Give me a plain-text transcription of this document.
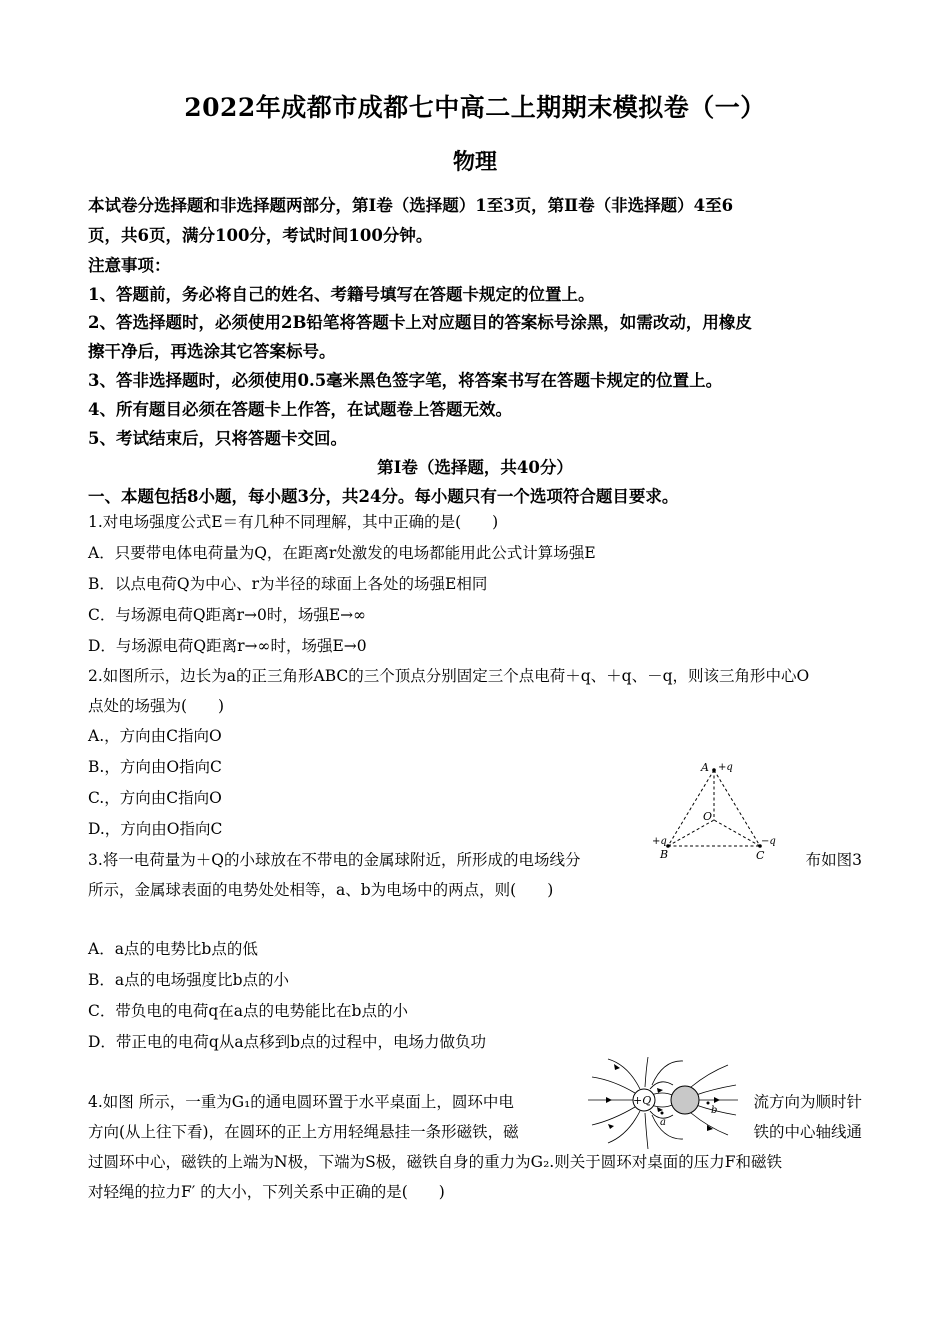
2022年成都市成都七中高二上期期末模拟卷（一）
物理
本试卷分选择题和非选择题两部分，第Ⅰ卷（选择题）1至3页，第Ⅱ卷（非选择题）4至6
页，共6页，满分100分，考试时间100分钟。
注意事项：
1、答题前，务必将自己的姓名、考籍号填写在答题卡规定的位置上。
2、答选择题时，必须使用2B铅笔将答题卡上对应题目的答案标号涂黑，如需改动，用橡皮
擦干净后，再选涂其它答案标号。
3、答非选择题时，必须使用0.5毫米黑色签字笔，将答案书写在答题卡规定的位置上。
4、所有题目必须在答题卡上作答，在试题卷上答题无效。
5、考试结束后，只将答题卡交回。
第Ⅰ卷（选择题，共40分）
一、本题包括8小题，每小题3分，共24分。每小题只有一个选项符合题目要求。
1.对电场强度公式E＝有几种不同理解，其中正确的是(　　)
A．只要带电体电荷量为Q，在距离r处激发的电场都能用此公式计算场强E
B．以点电荷Q为中心、r为半径的球面上各处的场强E相同
C．与场源电荷Q距离r→0时，场强E→∞
D．与场源电荷Q距离r→∞时，场强E→0
2.如图所示，边长为a的正三角形ABC的三个顶点分别固定三个点电荷＋q、＋q、－q，则该三角形中心O
点处的场强为(　　)
A.，方向由C指向O
B.，方向由O指向C
C.，方向由C指向O
D.，方向由O指向C
A +q
O
+q
B
−q
C
3.将一电荷量为＋Q的小球放在不带电的金属球附近，所形成的电场线分	布如图3
所示，金属球表面的电势处处相等，a、b为电场中的两点，则(　　)
A．a点的电势比b点的低
B．a点的电场强度比b点的小
C．带负电的电荷q在a点的电势能比在b点的小
D．带正电的电荷q从a点移到b点的过程中，电场力做负功
+Q
a
b
4.如图 所示，一重为G₁的通电圆环置于水平桌面上，圆环中电	流方向为顺时针
方向(从上往下看)，在圆环的正上方用轻绳悬挂一条形磁铁，磁	铁的中心轴线通
过圆环中心，磁铁的上端为N极，下端为S极，磁铁自身的重力为G₂.则关于圆环对桌面的压力F和磁铁
对轻绳的拉力F′ 的大小，下列关系中正确的是(　　)
